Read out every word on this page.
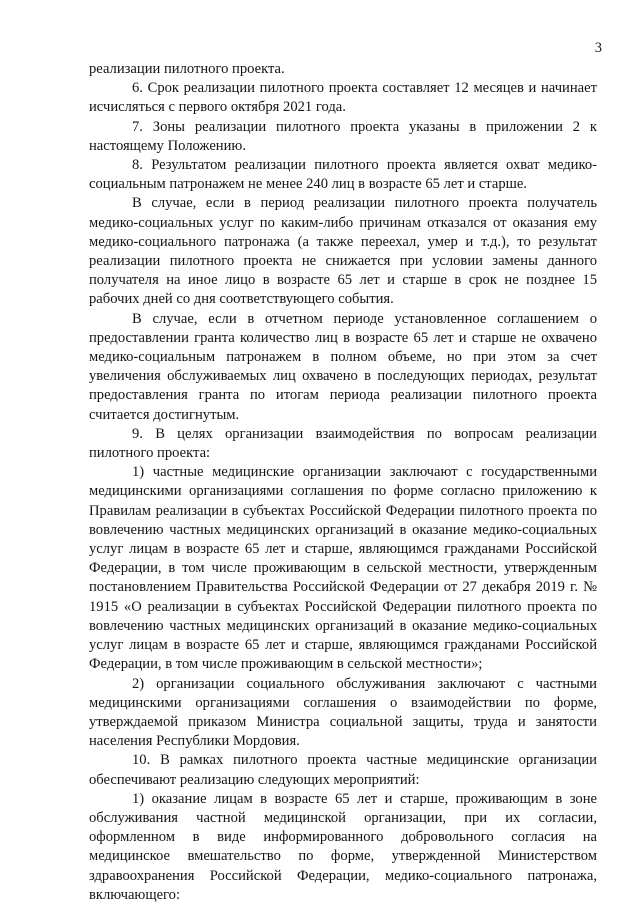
3

реализации пилотного проекта.

6. Срок реализации пилотного проекта составляет 12 месяцев и начинает исчисляться с первого октября 2021 года.

7. Зоны реализации пилотного проекта указаны в приложении 2 к настоящему Положению.

8. Результатом реализации пилотного проекта является охват медико-социальным патронажем не менее 240 лиц в возрасте 65 лет и старше.

В случае, если в период реализации пилотного проекта получатель медико-социальных услуг по каким-либо причинам отказался от оказания ему медико-социального патронажа (а также переехал, умер и т.д.), то результат реализации пилотного проекта не снижается при условии замены данного получателя на иное лицо в возрасте 65 лет и старше в срок не позднее 15 рабочих дней со дня соответствующего события.

В случае, если в отчетном периоде установленное соглашением о предоставлении гранта количество лиц в возрасте 65 лет и старше не охвачено медико-социальным патронажем в полном объеме, но при этом за счет увеличения обслуживаемых лиц охвачено в последующих периодах, результат предоставления гранта по итогам периода реализации пилотного проекта считается достигнутым.

9. В целях организации взаимодействия по вопросам реализации пилотного проекта:

1) частные медицинские организации заключают с государственными медицинскими организациями соглашения по форме согласно приложению к Правилам реализации в субъектах Российской Федерации пилотного проекта по вовлечению частных медицинских организаций в оказание медико-социальных услуг лицам в возрасте 65 лет и старше, являющимся гражданами Российской Федерации, в том числе проживающим в сельской местности, утвержденным постановлением Правительства Российской Федерации от 27 декабря 2019 г. № 1915 «О реализации в субъектах Российской Федерации пилотного проекта по вовлечению частных медицинских организаций в оказание медико-социальных услуг лицам в возрасте 65 лет и старше, являющимся гражданами Российской Федерации, в том числе проживающим в сельской местности»;

2) организации социального обслуживания заключают с частными медицинскими организациями соглашения о взаимодействии по форме, утверждаемой приказом Министра социальной защиты, труда и занятости населения Республики Мордовия.

10. В рамках пилотного проекта частные медицинские организации обеспечивают реализацию следующих мероприятий:

1) оказание лицам в возрасте 65 лет и старше, проживающим в зоне обслуживания частной медицинской организации, при их согласии, оформленном в виде информированного добровольного согласия на медицинское вмешательство по форме, утвержденной Министерством здравоохранения Российской Федерации, медико-социального патронажа, включающего:
